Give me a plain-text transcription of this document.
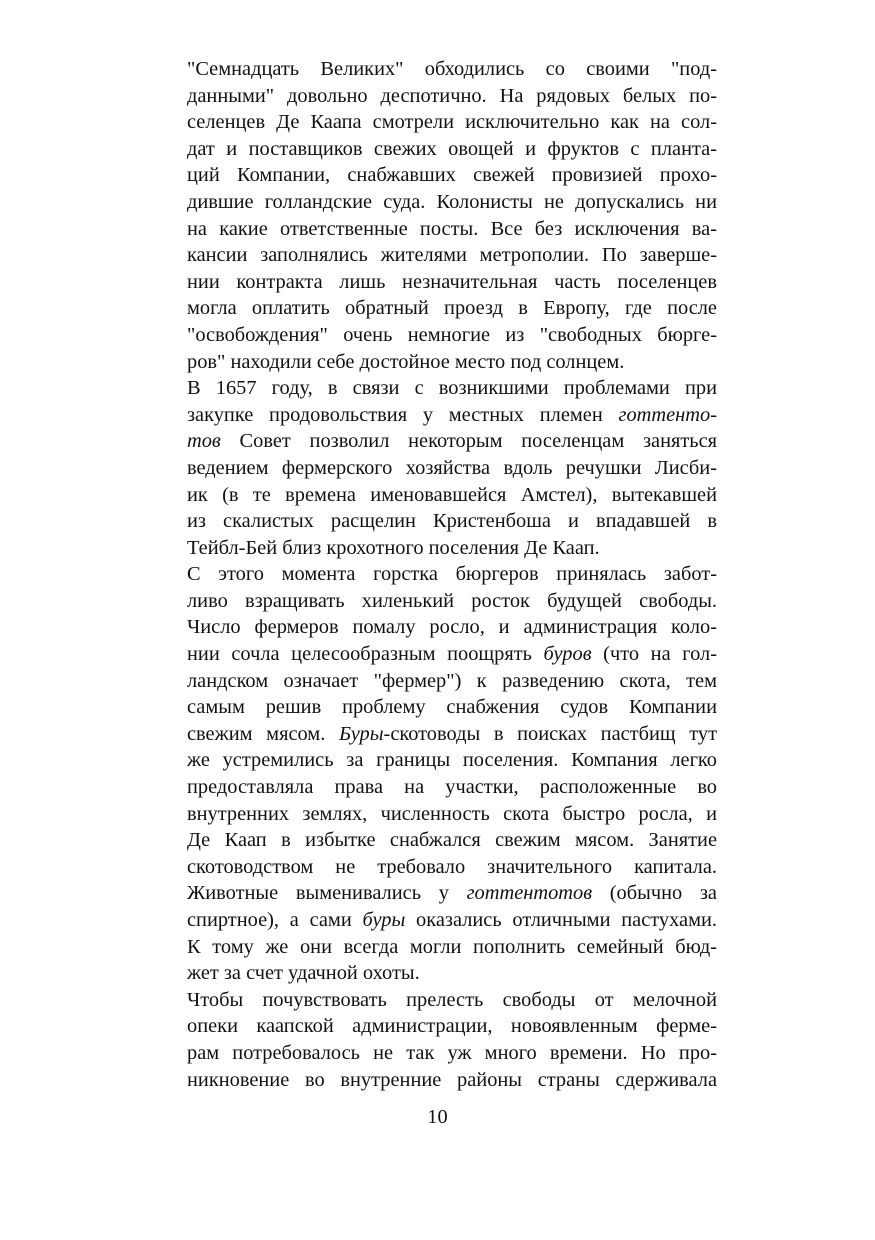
"Семнадцать Великих" обходились со своими "под-
данными" довольно деспотично. На рядовых белых по-
селенцев Де Каапа смотрели исключительно как на сол-
дат и поставщиков свежих овощей и фруктов с планта-
ций Компании, снабжавших свежей провизией прохо-
дившие голландские суда. Колонисты не допускались ни
на какие ответственные посты. Все без исключения ва-
кансии заполнялись жителями метрополии. По заверше-
нии контракта лишь незначительная часть поселенцев
могла оплатить обратный проезд в Европу, где после
"освобождения" очень немногие из "свободных бюрге-
ров" находили себе достойное место под солнцем.
В 1657 году, в связи с возникшими проблемами при
закупке продовольствия у местных племен готтенто-
тов Совет позволил некоторым поселенцам заняться
ведением фермерского хозяйства вдоль речушки Лисби-
ик (в те времена именовавшейся Амстел), вытекавшей
из скалистых расщелин Кристенбоша и впадавшей в
Тейбл-Бей близ крохотного поселения Де Каап.
С этого момента горстка бюргеров принялась забот-
ливо взращивать хиленький росток будущей свободы.
Число фермеров помалу росло, и администрация коло-
нии сочла целесообразным поощрять буров (что на гол-
ландском означает "фермер") к разведению скота, тем
самым решив проблему снабжения судов Компании
свежим мясом. Буры-скотоводы в поисках пастбищ тут
же устремились за границы поселения. Компания легко
предоставляла права на участки, расположенные во
внутренних землях, численность скота быстро росла, и
Де Каап в избытке снабжался свежим мясом. Занятие
скотоводством не требовало значительного капитала.
Животные выменивались у готтентотов (обычно за
спиртное), а сами буры оказались отличными пастухами.
К тому же они всегда могли пополнить семейный бюд-
жет за счет удачной охоты.
Чтобы почувствовать прелесть свободы от мелочной
опеки каапской администрации, новоявленным ферме-
рам потребовалось не так уж много времени. Но про-
никновение во внутренние районы страны сдерживала
10
